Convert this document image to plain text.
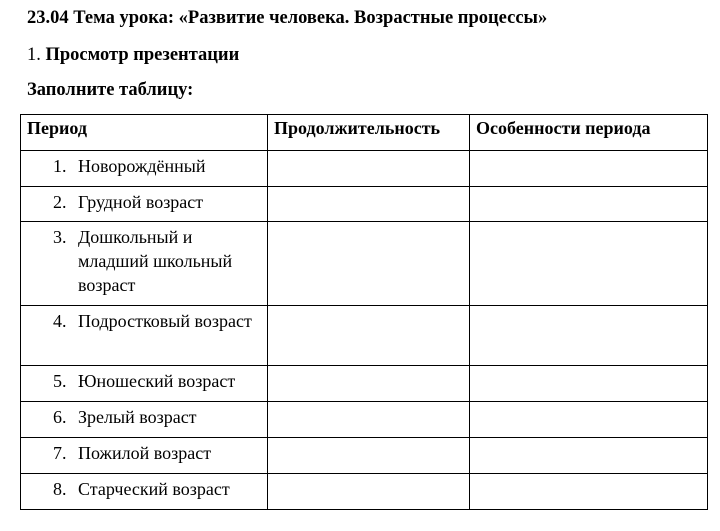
23.04 Тема урока: «Развитие человека. Возрастные процессы»
1. Просмотр презентации
Заполните таблицу:
Период	Продолжительность	Особенности периода

1. Новорождённый		

2. Грудной возраст		

3. Дошкольный и младший школьный возраст		

4. Подростковый возраст		

5. Юношеский возраст		

6. Зрелый возраст		

7. Пожилой возраст		

8. Старческий возраст		
